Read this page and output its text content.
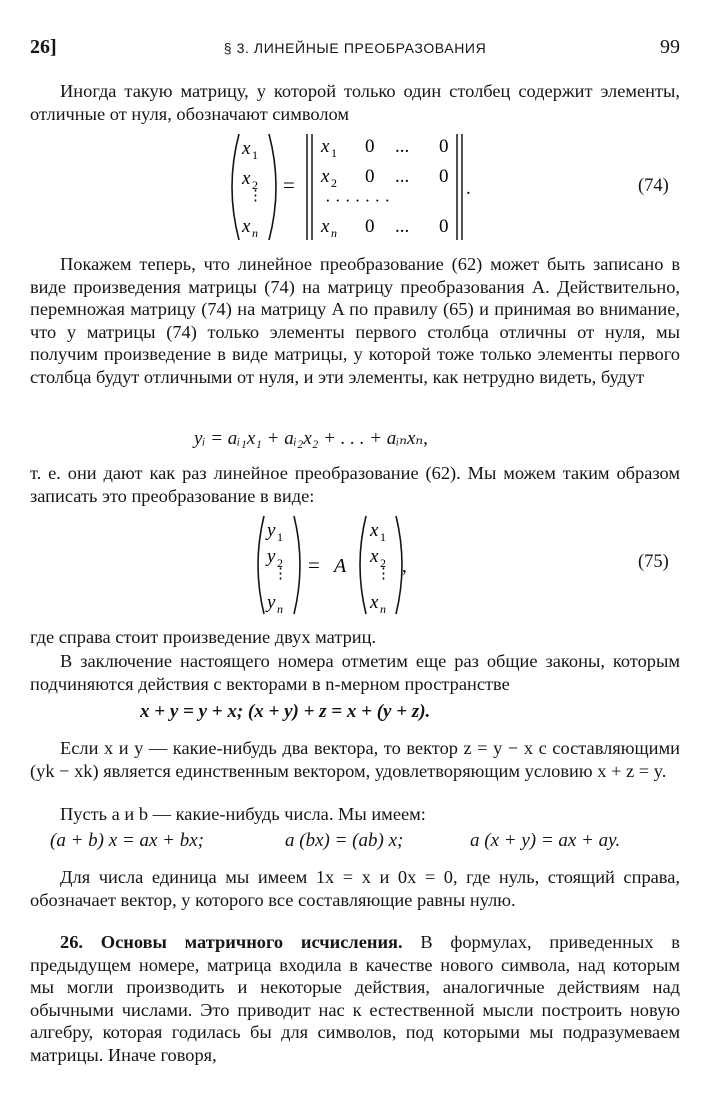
26]	§ 3. ЛИНЕЙНЫЕ ПРЕОБРАЗОВАНИЯ	99
Иногда такую матрицу, у которой только один столбец содержит элементы, отличные от нуля, обозначают символом
x 1
x 2
⋮
x n
=
x 1 0 ... 0
x 2 0 ... 0
· · · · · · ·
x n 0 ... 0
.	(74)
Покажем теперь, что линейное преобразование (62) может быть записано в виде произведения матрицы (74) на матрицу преобразования A. Действительно, перемножая матрицу (74) на матрицу A по правилу (65) и принимая во внимание, что у матрицы (74) только элементы первого столбца отличны от нуля, мы получим произведение в виде матрицы, у которой тоже только элементы первого столбца будут отличными от нуля, и эти элементы, как нетрудно видеть, будут
yᵢ = aᵢ₁x₁ + aᵢ₂x₂ + . . . + aᵢₙxₙ,
т. е. они дают как раз линейное преобразование (62). Мы можем таким образом записать это преобразование в виде:
y 1
y 2
⋮
y n
= A
x 1
x 2
⋮
x n
,	(75)
где справа стоит произведение двух матриц.
В заключение настоящего номера отметим еще раз общие законы, которым подчиняются действия с векторами в n-мерном пространстве
x + y = y + x; (x + y) + z = x + (y + z).
Если x и y — какие-нибудь два вектора, то вектор z = y − x с составляющими (yk − xk) является единственным вектором, удовлетворяющим условию x + z = y.
Пусть a и b — какие-нибудь числа. Мы имеем:
(a + b) x = ax + bx;	a (bx) = (ab) x;	a (x + y) = ax + ay.
Для числа единица мы имеем 1x = x и 0x = 0, где нуль, стоящий справа, обозначает вектор, у которого все составляющие равны нулю.
26. Основы матричного исчисления. В формулах, приведенных в предыдущем номере, матрица входила в качестве нового символа, над которым мы могли производить и некоторые действия, аналогичные действиям над обычными числами. Это приводит нас к естественной мысли построить новую алгебру, которая годилась бы для символов, под которыми мы подразумеваем матрицы. Иначе говоря,
